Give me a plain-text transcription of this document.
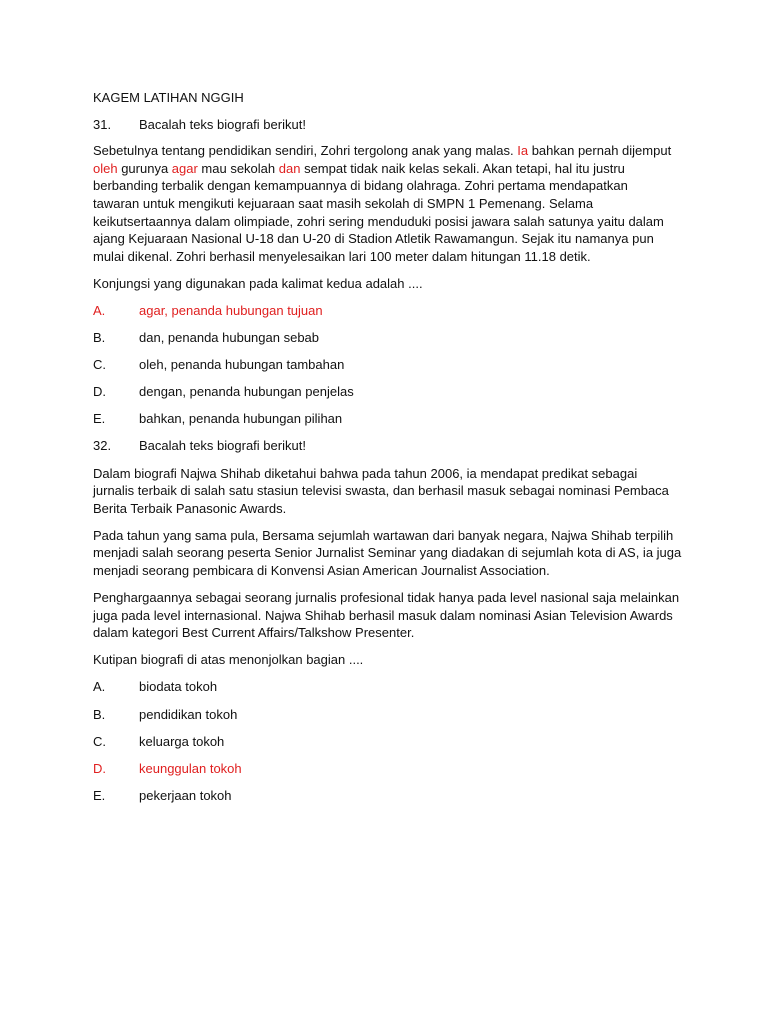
KAGEM LATIHAN NGGIH

31.	Bacalah teks biografi berikut!

Sebetulnya tentang pendidikan sendiri, Zohri tergolong anak yang malas. Ia bahkan pernah dijemput

oleh gurunya agar mau sekolah dan sempat tidak naik kelas sekali. Akan tetapi, hal itu justru

berbanding terbalik dengan kemampuannya di bidang olahraga. Zohri pertama mendapatkan

tawaran untuk mengikuti kejuaraan saat masih sekolah di SMPN 1 Pemenang. Selama

keikutsertaannya dalam olimpiade, zohri sering menduduki posisi jawara salah satunya yaitu dalam

ajang Kejuaraan Nasional U-18 dan U-20 di Stadion Atletik Rawamangun. Sejak itu namanya pun

mulai dikenal. Zohri berhasil menyelesaikan lari 100 meter dalam hitungan 11.18 detik.

Konjungsi yang digunakan pada kalimat kedua adalah ....

A.	agar, penanda hubungan tujuan
B.	dan, penanda hubungan sebab
C.	oleh, penanda hubungan tambahan
D.	dengan, penanda hubungan penjelas
E.	bahkan, penanda hubungan pilihan
32.	Bacalah teks biografi berikut!

Dalam biografi Najwa Shihab diketahui bahwa pada tahun 2006, ia mendapat predikat sebagai

jurnalis terbaik di salah satu stasiun televisi swasta, dan berhasil masuk sebagai nominasi Pembaca

Berita Terbaik Panasonic Awards.

Pada tahun yang sama pula, Bersama sejumlah wartawan dari banyak negara, Najwa Shihab terpilih

menjadi salah seorang peserta Senior Jurnalist Seminar yang diadakan di sejumlah kota di AS, ia juga

menjadi seorang pembicara di Konvensi Asian American Journalist Association.

Penghargaannya sebagai seorang jurnalis profesional tidak hanya pada level nasional saja melainkan

juga pada level internasional. Najwa Shihab berhasil masuk dalam nominasi Asian Television Awards

dalam kategori Best Current Affairs/Talkshow Presenter.

Kutipan biografi di atas menonjolkan bagian ....

A.	biodata tokoh
B.	pendidikan tokoh
C.	keluarga tokoh
D.	keunggulan tokoh
E.	pekerjaan tokoh
